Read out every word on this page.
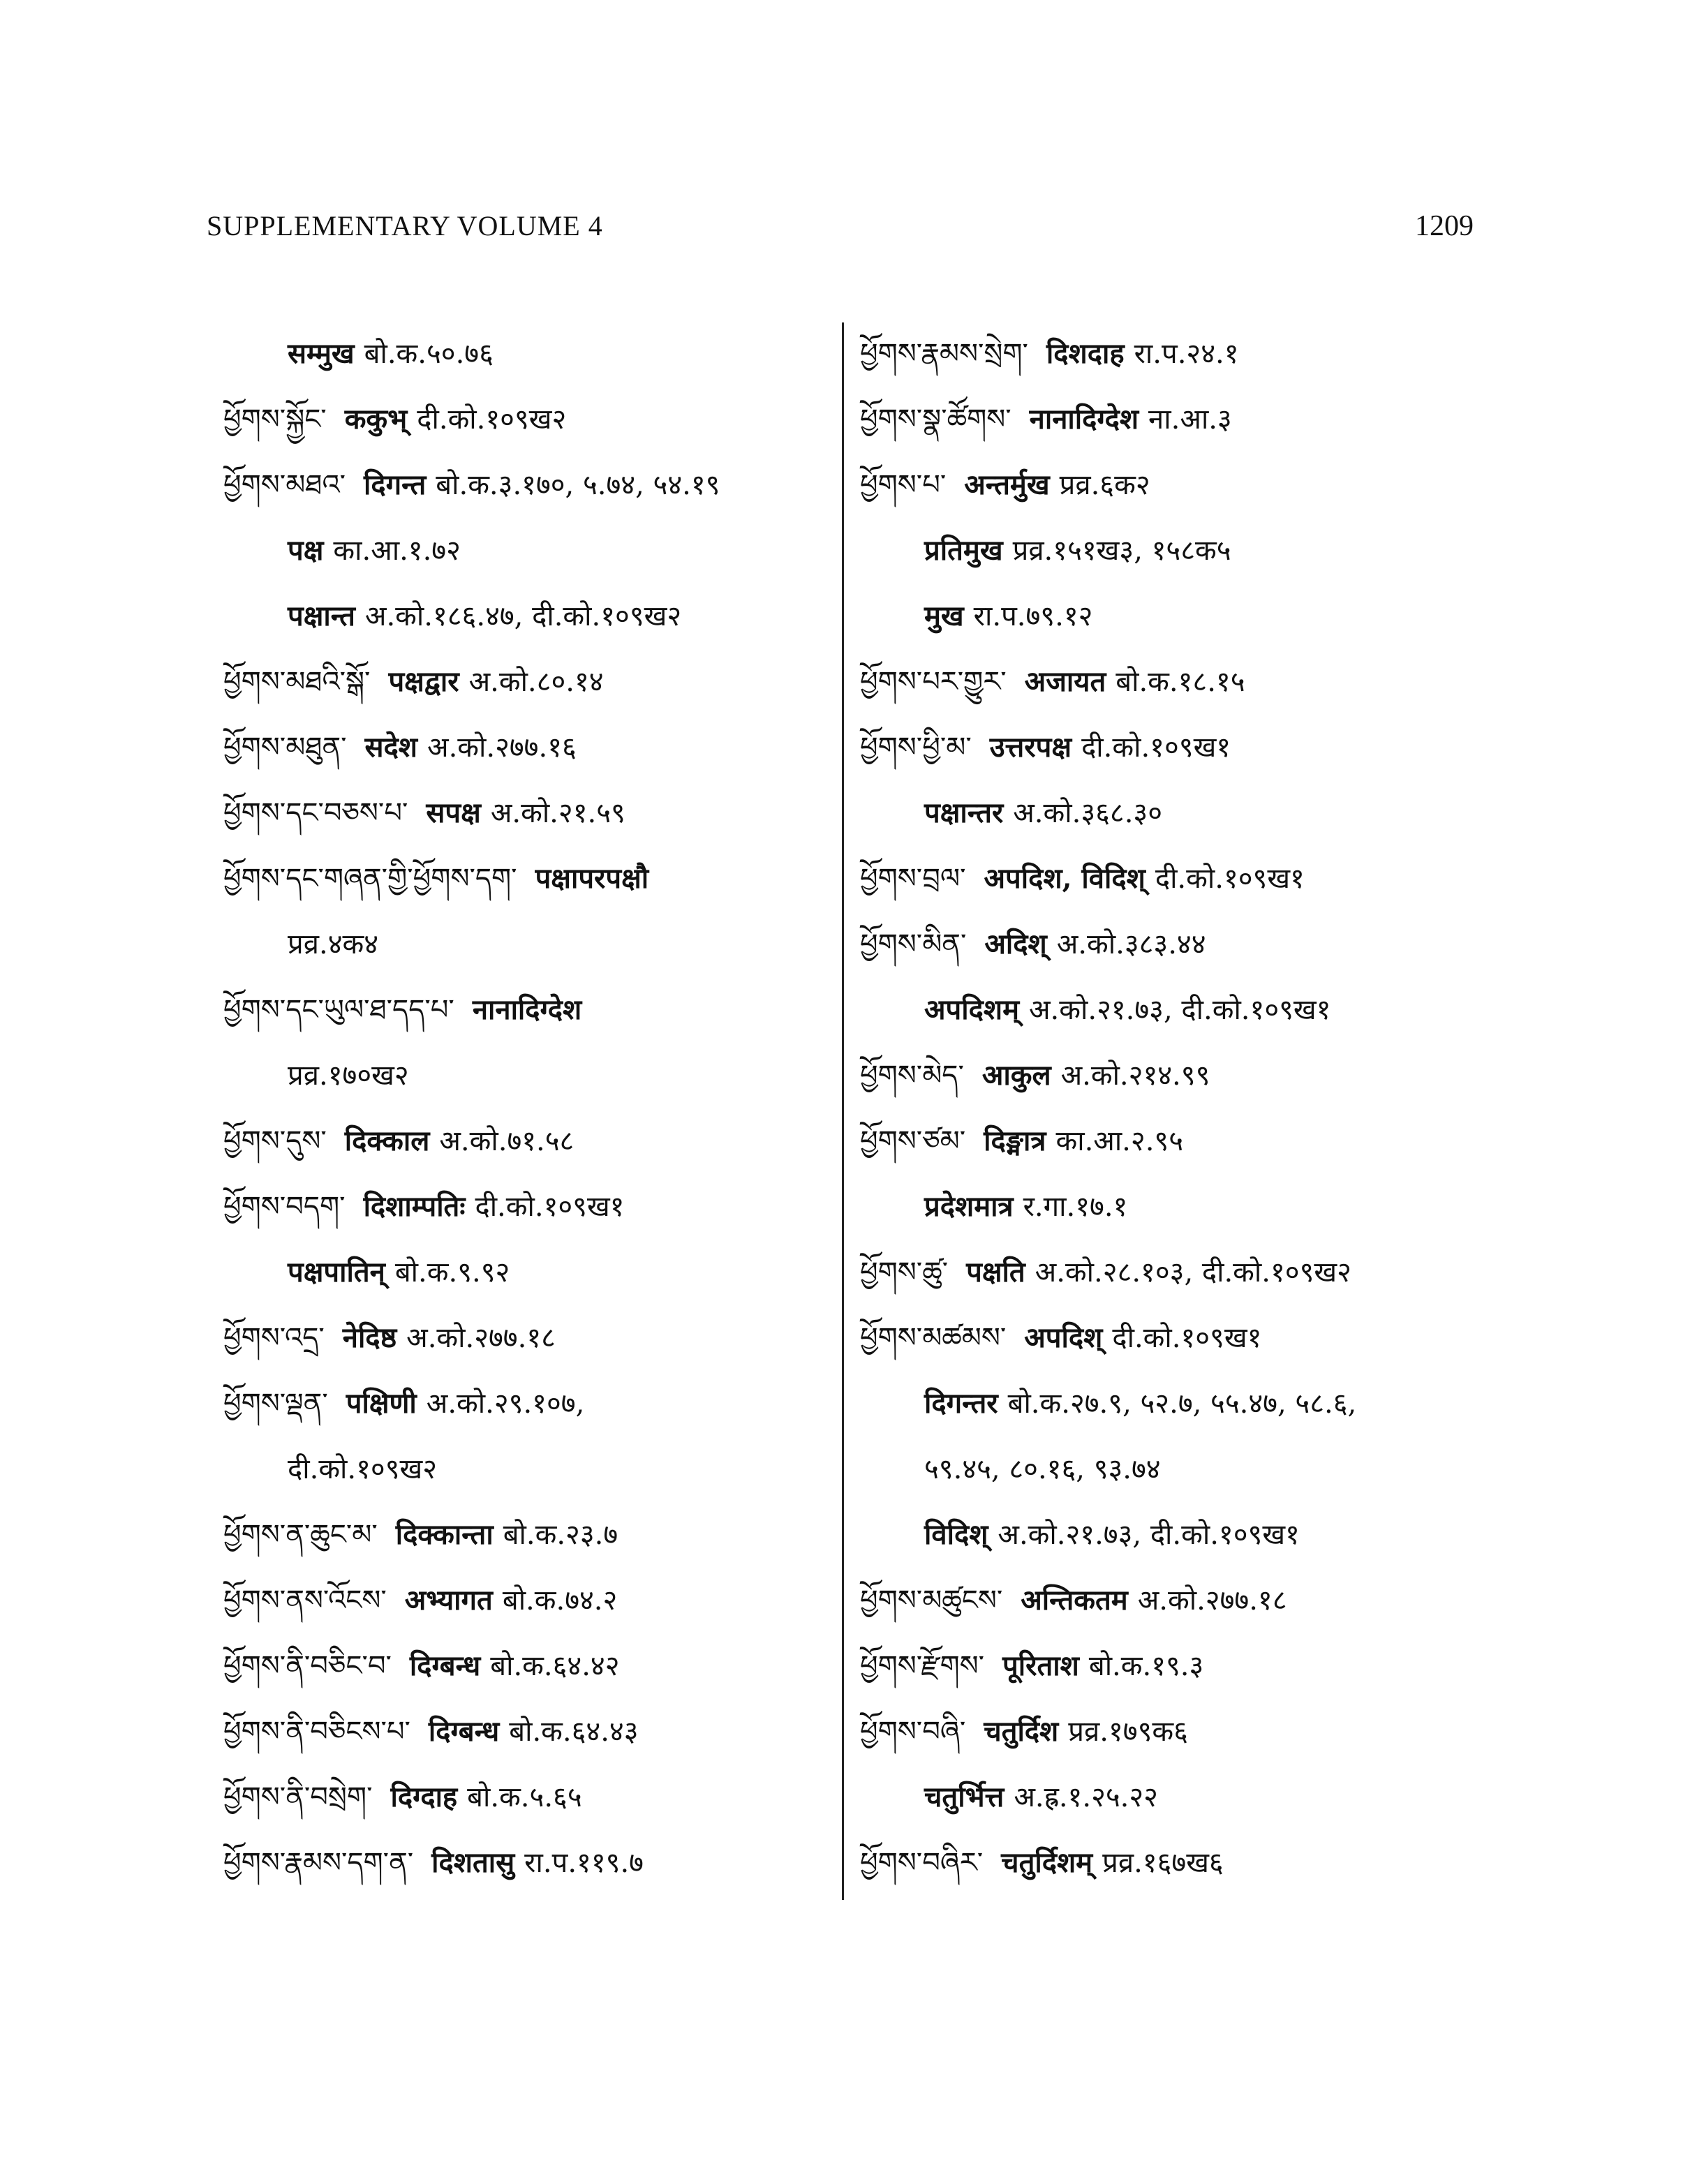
SUPPLEMENTARY VOLUME 4	1209
सम्मुख बो.क.५०.७६
ཕྱོགས་སྐྱོང་ ककुभ् दी.को.१०९ख२
ཕྱོགས་མཐའ་ दिगन्त बो.क.३.१७०, ५.७४, ५४.१९
पक्ष का.आ.१.७२
पक्षान्त अ.को.१८६.४७, दी.को.१०९ख२
ཕྱོགས་མཐའི་སྒོ་ पक्षद्वार अ.को.८०.१४
ཕྱོགས་མཐུན་ सदेश अ.को.२७७.१६
ཕྱོགས་དང་བཅས་པ་ सपक्ष अ.को.२१.५९
ཕྱོགས་དང་གཞན་གྱི་ཕྱོགས་དག་ पक्षापरपक्षौ
प्रव्र.४क४
ཕྱོགས་དང་ཡུལ་ཐ་དད་པ་ नानादिग्देश
प्रव्र.१७०ख२
ཕྱོགས་དུས་ दिक्काल अ.को.७१.५८
ཕྱོགས་བདག་ दिशाम्पतिः दी.को.१०९ख१
पक्षपातिन् बो.क.९.९२
ཕྱོགས་འདྲ་ नेदिष्ठ अ.को.२७७.१८
ཕྱོགས་ལྡན་ पक्षिणी अ.को.२९.१०७,
दी.को.१०९ख२
ཕྱོགས་ན་ཆུང་མ་ दिक्कान्ता बो.क.२३.७
ཕྱོགས་ནས་འོངས་ अभ्यागत बो.क.७४.२
ཕྱོགས་ནི་བཅིང་བ་ दिग्बन्ध बो.क.६४.४२
ཕྱོགས་ནི་བཅིངས་པ་ दिग्बन्ध बो.क.६४.४३
ཕྱོགས་ནི་བསྲེག་ दिग्दाह बो.क.५.६५
ཕྱོགས་རྣམས་དག་ན་ दिशतासु रा.प.११९.७
ཕྱོགས་རྣམས་སྲེག་ दिशदाह रा.प.२४.१
ཕྱོགས་སྣ་ཚོགས་ नानादिग्देश ना.आ.३
ཕྱོགས་པ་ अन्तर्मुख प्रव्र.६क२
प्रतिमुख प्रव्र.१५१ख३, १५८क५
मुख रा.प.७९.१२
ཕྱོགས་པར་གྱུར་ अजायत बो.क.१८.१५
ཕྱོགས་ཕྱི་མ་ उत्तरपक्ष दी.को.१०९ख१
पक्षान्तर अ.को.३६८.३०
ཕྱོགས་བྲལ་ अपदिश, विदिश् दी.को.१०९ख१
ཕྱོགས་མིན་ अदिश् अ.को.३८३.४४
अपदिशम् अ.को.२१.७३, दी.को.१०९ख१
ཕྱོགས་མེད་ आकुल अ.को.२१४.९९
ཕྱོགས་ཙམ་ दिङ्मात्र का.आ.२.९५
प्रदेशमात्र र.गा.१७.१
ཕྱོགས་ཚུ་ पक्षति अ.को.२८.१०३, दी.को.१०९ख२
ཕྱོགས་མཚམས་ अपदिश् दी.को.१०९ख१
दिगन्तर बो.क.२७.९, ५२.७, ५५.४७, ५८.६,
५९.४५, ८०.१६, ९३.७४
विदिश् अ.को.२१.७३, दी.को.१०९ख१
ཕྱོགས་མཚུངས་ अन्तिकतम अ.को.२७७.१८
ཕྱོགས་རྫོགས་ पूरिताश बो.क.१९.३
ཕྱོགས་བཞི་ चतुर्दिश प्रव्र.१७९क६
चतुर्भित्त अ.ह्र.१.२५.२२
ཕྱོགས་བཞིར་ चतुर्दिशम् प्रव्र.१६७ख६
